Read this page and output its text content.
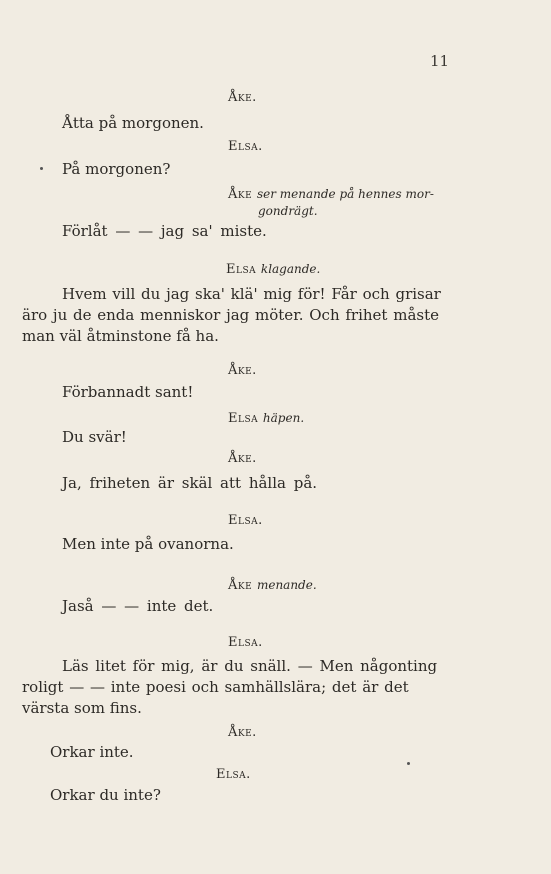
11
Åke.
Åtta på morgonen.
Elsa.
På morgonen?
Åke ser menande på hennes mor-
gondrägt.
Förlåt — — jag sa' miste.
Elsa klagande.
Hvem vill du jag ska' klä' mig för! Får och grisar
äro ju de enda menniskor jag möter. Och frihet måste
man väl åtminstone få ha.
Åke.
Förbannadt sant!
Elsa häpen.
Du svär!
Åke.
Ja, friheten är skäl att hålla på.
Elsa.
Men inte på ovanorna.
Åke menande.
Jaså — — inte det.
Elsa.
Läs litet för mig, är du snäll. — Men någonting
roligt — — inte poesi och samhällslära; det är det
värsta som fins.
Åke.
Orkar inte.
Elsa.
Orkar du inte?
